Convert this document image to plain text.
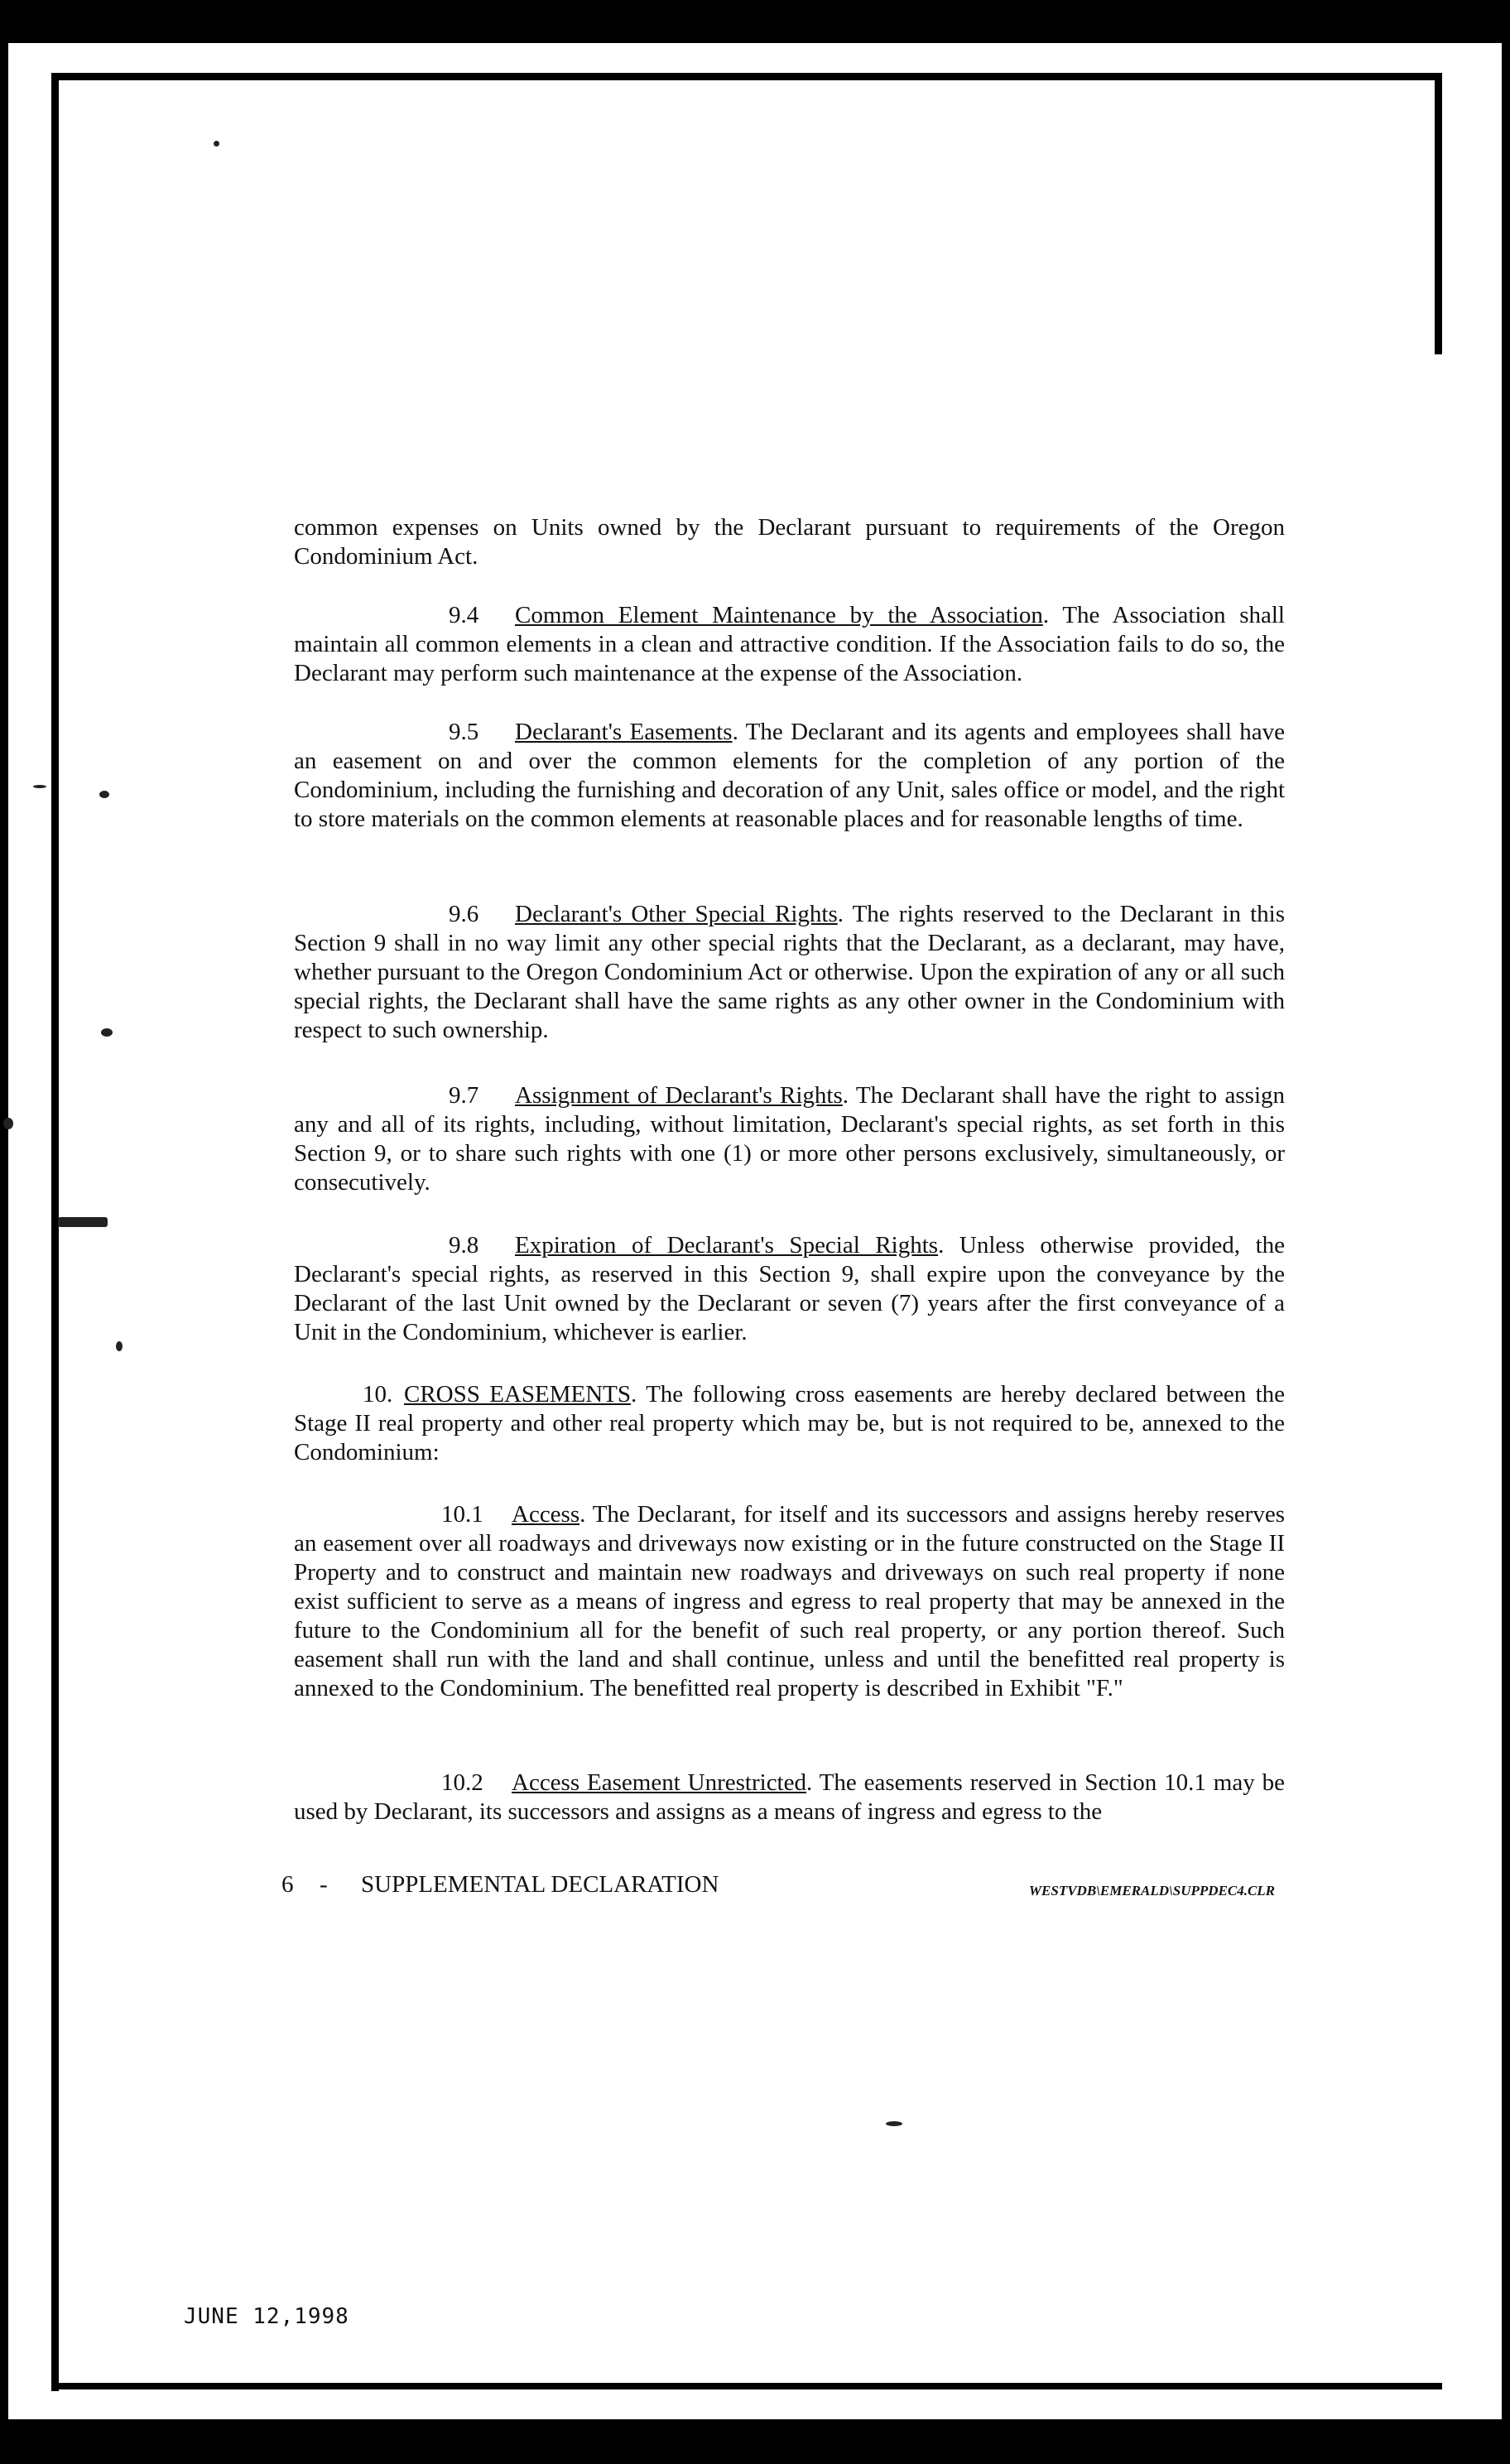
common expenses on Units owned by the Declarant pursuant to requirements of the Oregon Condominium Act.

9.4 Common Element Maintenance by the Association. The Association shall maintain all common elements in a clean and attractive condition. If the Association fails to do so, the Declarant may perform such maintenance at the expense of the Association.

9.5 Declarant's Easements. The Declarant and its agents and employees shall have an easement on and over the common elements for the completion of any portion of the Condominium, including the furnishing and decoration of any Unit, sales office or model, and the right to store materials on the common elements at reasonable places and for reasonable lengths of time.

9.6 Declarant's Other Special Rights. The rights reserved to the Declarant in this Section 9 shall in no way limit any other special rights that the Declarant, as a declarant, may have, whether pursuant to the Oregon Condominium Act or otherwise. Upon the expiration of any or all such special rights, the Declarant shall have the same rights as any other owner in the Condominium with respect to such ownership.

9.7 Assignment of Declarant's Rights. The Declarant shall have the right to assign any and all of its rights, including, without limitation, Declarant's special rights, as set forth in this Section 9, or to share such rights with one (1) or more other persons exclusively, simultaneously, or consecutively.

9.8 Expiration of Declarant's Special Rights. Unless otherwise provided, the Declarant's special rights, as reserved in this Section 9, shall expire upon the conveyance by the Declarant of the last Unit owned by the Declarant or seven (7) years after the first conveyance of a Unit in the Condominium, whichever is earlier.

10. CROSS EASEMENTS. The following cross easements are hereby declared between the Stage II real property and other real property which may be, but is not required to be, annexed to the Condominium:

10.1 Access. The Declarant, for itself and its successors and assigns hereby reserves an easement over all roadways and driveways now existing or in the future constructed on the Stage II Property and to construct and maintain new roadways and driveways on such real property if none exist sufficient to serve as a means of ingress and egress to real property that may be annexed in the future to the Condominium all for the benefit of such real property, or any portion thereof. Such easement shall run with the land and shall continue, unless and until the benefitted real property is annexed to the Condominium. The benefitted real property is described in Exhibit "F."

10.2 Access Easement Unrestricted. The easements reserved in Section 10.1 may be used by Declarant, its successors and assigns as a means of ingress and egress to the

6 - SUPPLEMENTAL DECLARATION	WESTVDB\EMERALD\SUPPDEC4.CLR
JUNE 12,1998
